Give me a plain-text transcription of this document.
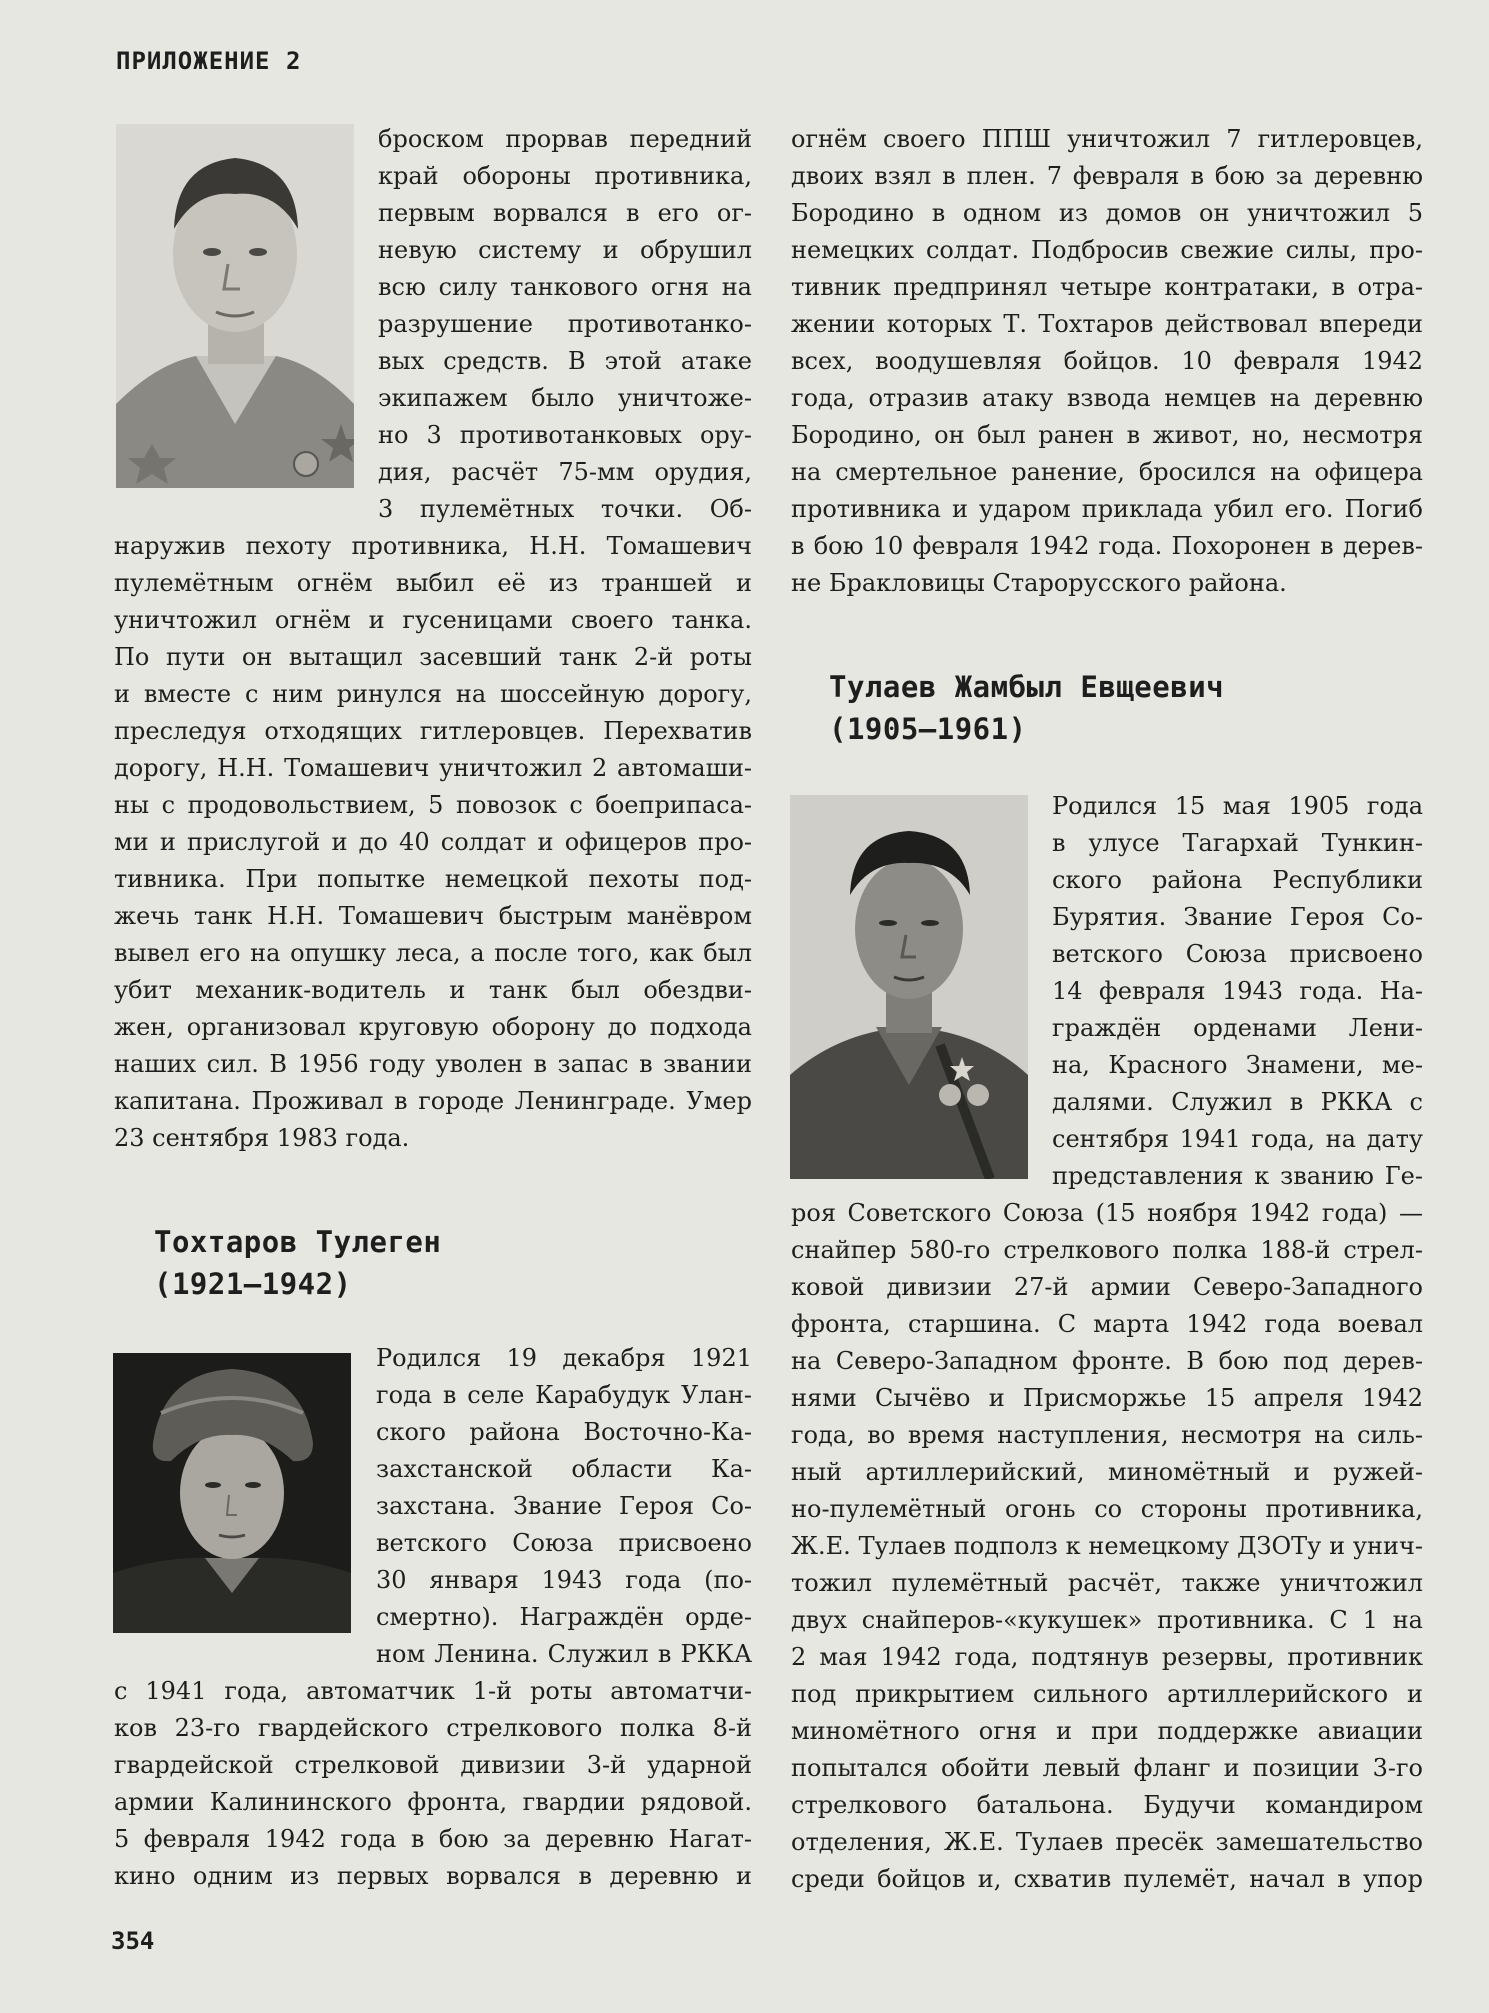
ПРИЛОЖЕНИЕ 2
броском прорвав передний
край обороны противника,
первым ворвался в его ог-
невую систему и обрушил
всю силу танкового огня на
разрушение противотанко-
вых средств. В этой атаке
экипажем было уничтоже-
но 3 противотанковых ору-
дия, расчёт 75-мм орудия,
3 пулемётных точки. Об-
наружив пехоту противника, Н.Н. Томашевич
пулемётным огнём выбил её из траншей и
уничтожил огнём и гусеницами своего танка.
По пути он вытащил засевший танк 2-й роты
и вместе с ним ринулся на шоссейную дорогу,
преследуя отходящих гитлеровцев. Перехватив
дорогу, Н.Н. Томашевич уничтожил 2 автомаши-
ны с продовольствием, 5 повозок с боеприпаса-
ми и прислугой и до 40 солдат и офицеров про-
тивника. При попытке немецкой пехоты под-
жечь танк Н.Н. Томашевич быстрым манёвром
вывел его на опушку леса, а после того, как был
убит механик-водитель и танк был обездви-
жен, организовал круговую оборону до подхода
наших сил. В 1956 году уволен в запас в звании
капитана. Проживал в городе Ленинграде. Умер
23 сентября 1983 года.
Тохтаров Тулеген
(1921—1942)
Родился 19 декабря 1921
года в селе Карабудук Улан-
ского района Восточно-Ка-
захстанской области Ка-
захстана. Звание Героя Со-
ветского Союза присвоено
30 января 1943 года (по-
смертно). Награждён орде-
ном Ленина. Служил в РККА
с 1941 года, автоматчик 1-й роты автоматчи-
ков 23-го гвардейского стрелкового полка 8-й
гвардейской стрелковой дивизии 3-й ударной
армии Калининского фронта, гвардии рядовой.
5 февраля 1942 года в бою за деревню Нагат-
кино одним из первых ворвался в деревню и
огнём своего ППШ уничтожил 7 гитлеровцев,
двоих взял в плен. 7 февраля в бою за деревню
Бородино в одном из домов он уничтожил 5
немецких солдат. Подбросив свежие силы, про-
тивник предпринял четыре контратаки, в отра-
жении которых Т. Тохтаров действовал впереди
всех, воодушевляя бойцов. 10 февраля 1942
года, отразив атаку взвода немцев на деревню
Бородино, он был ранен в живот, но, несмотря
на смертельное ранение, бросился на офицера
противника и ударом приклада убил его. Погиб
в бою 10 февраля 1942 года. Похоронен в дерев-
не Браклoвицы Старорусского района.
Тулаев Жамбыл Евщеевич
(1905—1961)
Родился 15 мая 1905 года
в улусе Тагархай Тункин-
ского района Республики
Бурятия. Звание Героя Со-
ветского Союза присвоено
14 февраля 1943 года. На-
граждён орденами Лени-
на, Красного Знамени, ме-
далями. Служил в РККА с
сентября 1941 года, на дату
представления к званию Ге-
роя Советского Союза (15 ноября 1942 года) —
снайпер 580-го стрелкового полка 188-й стрел-
ковой дивизии 27-й армии Северо-Западного
фронта, старшина. С марта 1942 года воевал
на Северо-Западном фронте. В бою под дерев-
нями Сычёво и Присморжье 15 апреля 1942
года, во время наступления, несмотря на силь-
ный артиллерийский, миномётный и ружей-
но-пулемётный огонь со стороны противника,
Ж.Е. Тулаев подполз к немецкому ДЗОТу и унич-
тожил пулемётный расчёт, также уничтожил
двух снайперов-«кукушек» противника. С 1 на
2 мая 1942 года, подтянув резервы, противник
под прикрытием сильного артиллерийского и
миномётного огня и при поддержке авиации
попытался обойти левый фланг и позиции 3-го
стрелкового батальона. Будучи командиром
отделения, Ж.Е. Тулаев пресёк замешательство
среди бойцов и, схватив пулемёт, начал в упор
354
